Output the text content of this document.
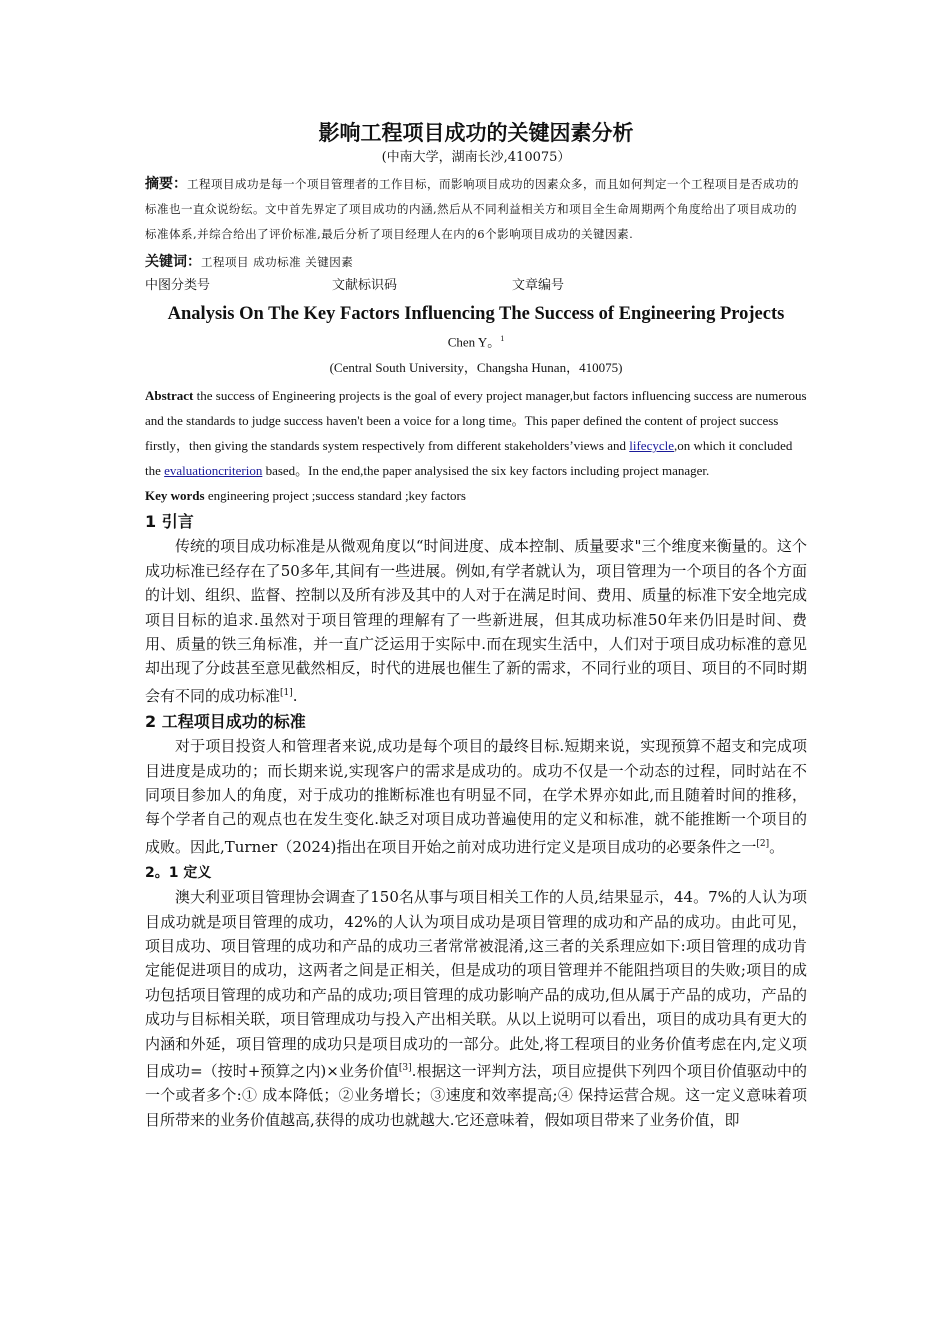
影响工程项目成功的关键因素分析

(中南大学，湖南长沙,410075）

摘要：工程项目成功是每一个项目管理者的工作目标，而影响项目成功的因素众多，而且如何判定一个工程项目是否成功的标准也一直众说纷纭。文中首先界定了项目成功的内涵,然后从不同利益相关方和项目全生命周期两个角度给出了项目成功的标准体系,并综合给出了评价标准,最后分析了项目经理人在内的6个影响项目成功的关键因素.

关键词：工程项目 成功标准 关键因素

中图分类号	文献标识码	文章编号

Analysis On The Key Factors Influencing The Success of Engineering Projects

Chen Y。$^1$

(Central South University，Changsha Hunan，410075)

Abstract the success of Engineering projects is the goal of every project manager,but factors influencing success are numerous and the standards to judge success haven't been a voice for a long time。This paper defined the content of project success firstly，then giving the standards system respectively from different stakeholders’views and lifecycle,on which it concluded the evaluationcriterion based。In the end,the paper analysised the six key factors including project manager.

Key words engineering project ;success standard ;key factors

1 引言

传统的项目成功标准是从微观角度以“时间进度、成本控制、质量要求"三个维度来衡量的。这个成功标准已经存在了50多年,其间有一些进展。例如,有学者就认为，项目管理为一个项目的各个方面的计划、组织、监督、控制以及所有涉及其中的人对于在满足时间、费用、质量的标准下安全地完成项目目标的追求.虽然对于项目管理的理解有了一些新进展，但其成功标准50年来仍旧是时间、费用、质量的铁三角标准，并一直广泛运用于实际中.而在现实生活中，人们对于项目成功标准的意见却出现了分歧甚至意见截然相反，时代的进展也催生了新的需求，不同行业的项目、项目的不同时期会有不同的成功标准[1].

2 工程项目成功的标准

对于项目投资人和管理者来说,成功是每个项目的最终目标.短期来说，实现预算不超支和完成项目进度是成功的；而长期来说,实现客户的需求是成功的。成功不仅是一个动态的过程，同时站在不同项目参加人的角度，对于成功的推断标准也有明显不同，在学术界亦如此,而且随着时间的推移，每个学者自己的观点也在发生变化.缺乏对项目成功普遍使用的定义和标准，就不能推断一个项目的成败。因此,Turner（2024)指出在项目开始之前对成功进行定义是项目成功的必要条件之一[2]。

2。1 定义

澳大利亚项目管理协会调查了150名从事与项目相关工作的人员,结果显示，44。7%的人认为项目成功就是项目管理的成功，42%的人认为项目成功是项目管理的成功和产品的成功。由此可见，项目成功、项目管理的成功和产品的成功三者常常被混淆,这三者的关系理应如下:项目管理的成功肯定能促进项目的成功，这两者之间是正相关，但是成功的项目管理并不能阻挡项目的失败;项目的成功包括项目管理的成功和产品的成功;项目管理的成功影响产品的成功,但从属于产品的成功，产品的成功与目标相关联，项目管理成功与投入产出相关联。从以上说明可以看出，项目的成功具有更大的内涵和外延，项目管理的成功只是项目成功的一部分。此处,将工程项目的业务价值考虑在内,定义项目成功=（按时+预算之内)×业务价值[3].根据这一评判方法，项目应提供下列四个项目价值驱动中的一个或者多个:① 成本降低；②业务增长；③速度和效率提高;④ 保持运营合规。这一定义意味着项目所带来的业务价值越高,获得的成功也就越大.它还意味着，假如项目带来了业务价值，即
